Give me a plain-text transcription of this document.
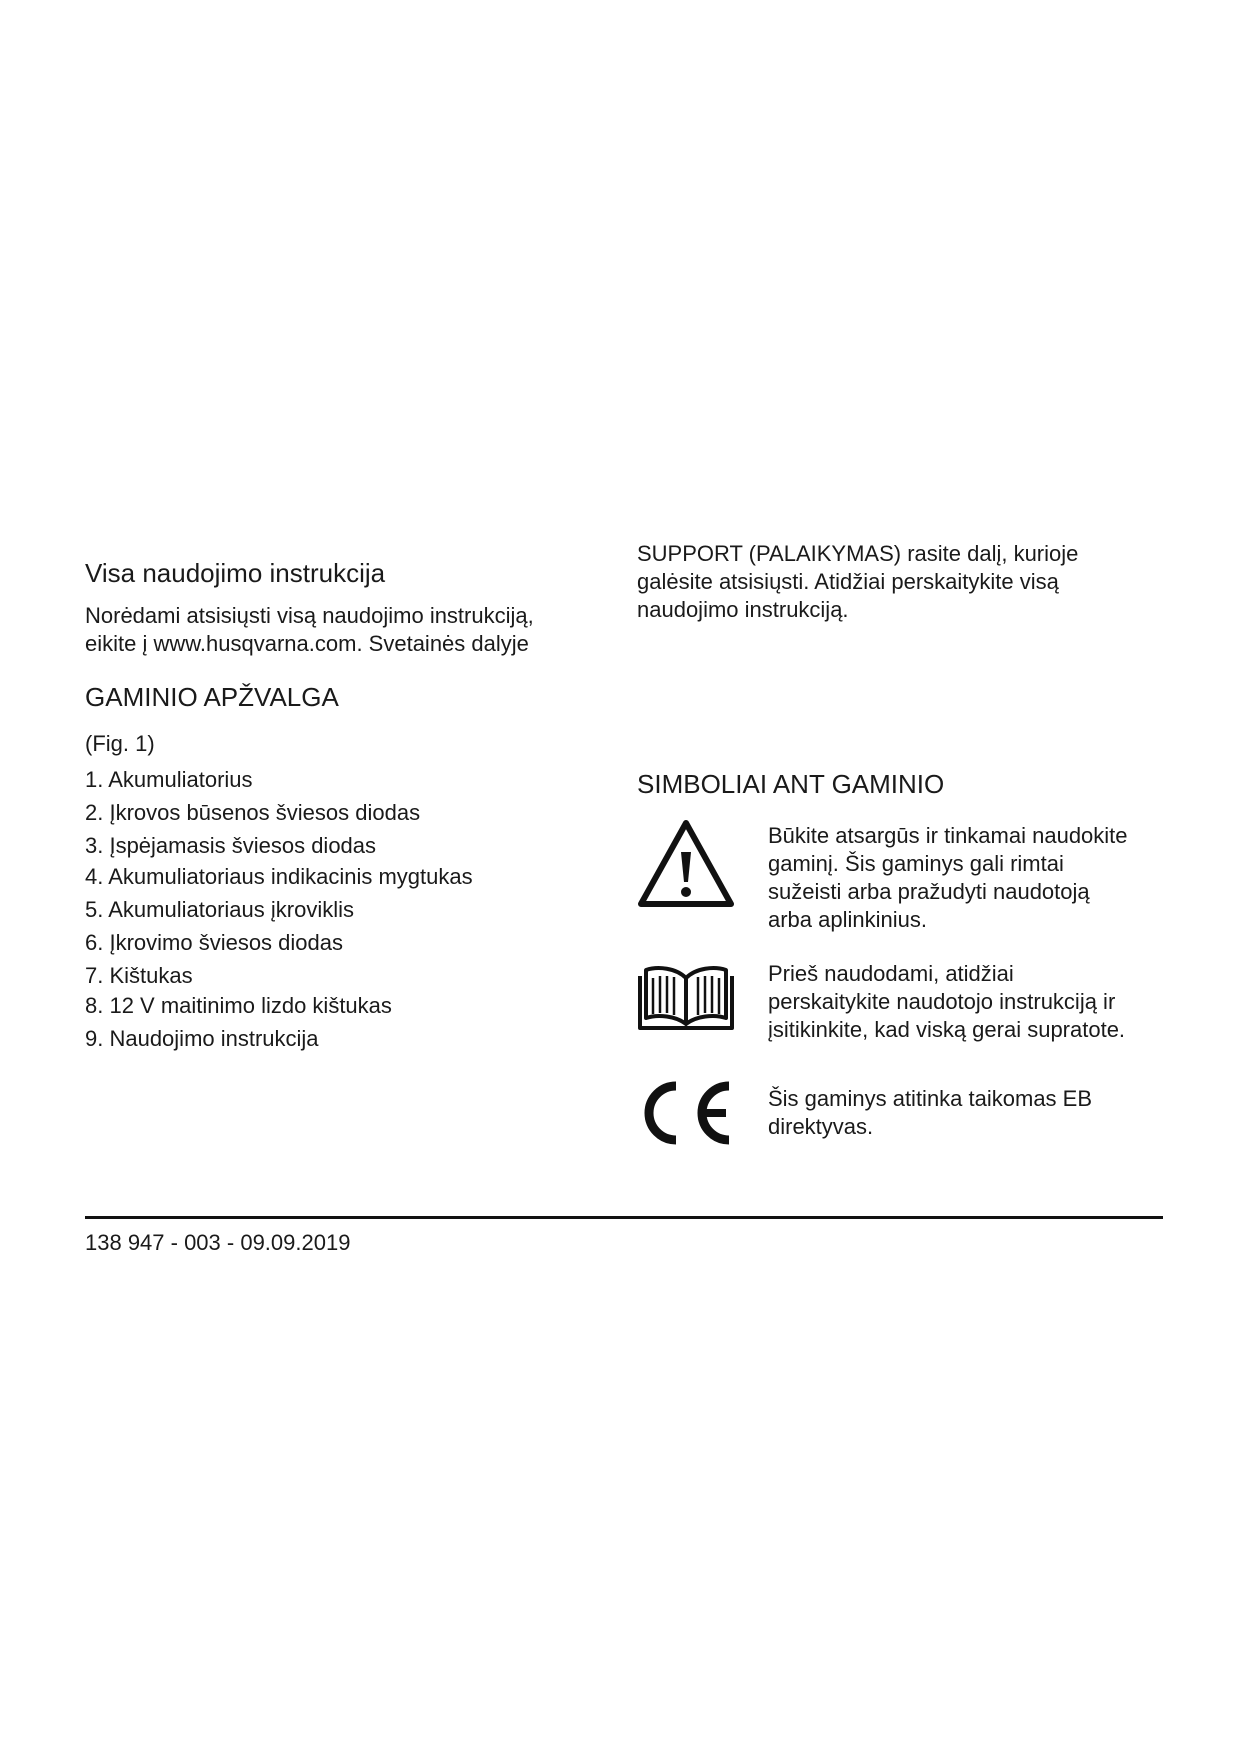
Visa naudojimo instrukcija
Norėdami atsisiųsti visą naudojimo instrukciją,
eikite į www.husqvarna.com. Svetainės dalyje
GAMINIO APŽVALGA
(Fig. 1)
1. Akumuliatorius
2. Įkrovos būsenos šviesos diodas
3. Įspėjamasis šviesos diodas
4. Akumuliatoriaus indikacinis mygtukas
5. Akumuliatoriaus įkroviklis
6. Įkrovimo šviesos diodas
7. Kištukas
8. 12 V maitinimo lizdo kištukas
9. Naudojimo instrukcija
SUPPORT (PALAIKYMAS) rasite dalį, kurioje
galėsite atsisiųsti. Atidžiai perskaitykite visą
naudojimo instrukciją.
SIMBOLIAI ANT GAMINIO
Būkite atsargūs ir tinkamai naudokite
gaminį. Šis gaminys gali rimtai
sužeisti arba pražudyti naudotoją
arba aplinkinius.
Prieš naudodami, atidžiai
perskaitykite naudotojo instrukciją ir
įsitikinkite, kad viską gerai supratote.
Šis gaminys atitinka taikomas EB
direktyvas.
138 947 - 003 - 09.09.2019
